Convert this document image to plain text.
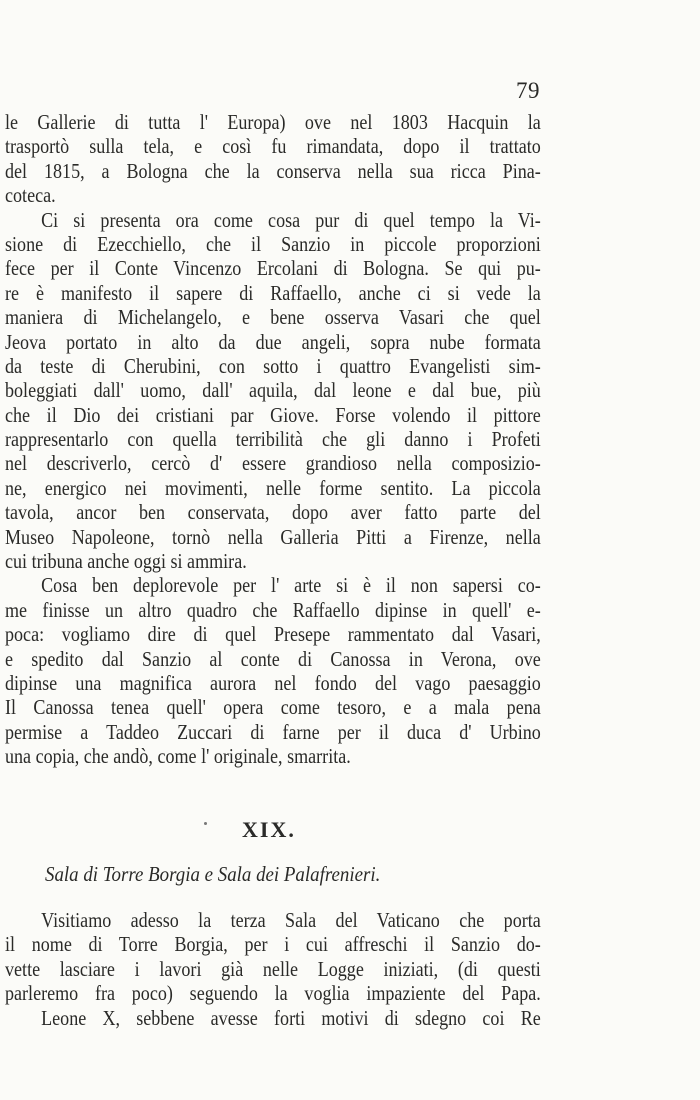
79
le Gallerie di tutta l' Europa) ove nel 1803 Hacquin la
trasportò sulla tela, e così fu rimandata, dopo il trattato
del 1815, a Bologna che la conserva nella sua ricca Pina-
coteca.
Ci si presenta ora come cosa pur di quel tempo la Vi-
sione di Ezecchiello, che il Sanzio in piccole proporzioni
fece per il Conte Vincenzo Ercolani di Bologna. Se qui pu-
re è manifesto il sapere di Raffaello, anche ci si vede la
maniera di Michelangelo, e bene osserva Vasari che quel
Jeova portato in alto da due angeli, sopra nube formata
da teste di Cherubini, con sotto i quattro Evangelisti sim-
boleggiati dall' uomo, dall' aquila, dal leone e dal bue, più
che il Dio dei cristiani par Giove. Forse volendo il pittore
rappresentarlo con quella terribilità che gli danno i Profeti
nel descriverlo, cercò d' essere grandioso nella composizio-
ne, energico nei movimenti, nelle forme sentito. La piccola
tavola, ancor ben conservata, dopo aver fatto parte del
Museo Napoleone, tornò nella Galleria Pitti a Firenze, nella
cui tribuna anche oggi si ammira.
Cosa ben deplorevole per l' arte si è il non sapersi co-
me finisse un altro quadro che Raffaello dipinse in quell' e-
poca: vogliamo dire di quel Presepe rammentato dal Vasari,
e spedito dal Sanzio al conte di Canossa in Verona, ove
dipinse una magnifica aurora nel fondo del vago paesaggio
Il Canossa tenea quell' opera come tesoro, e a mala pena
permise a Taddeo Zuccari di farne per il duca d' Urbino
una copia, che andò, come l' originale, smarrita.
XIX.
Sala di Torre Borgia e Sala dei Palafrenieri.
Visitiamo adesso la terza Sala del Vaticano che porta
il nome di Torre Borgia, per i cui affreschi il Sanzio do-
vette lasciare i lavori già nelle Logge iniziati, (di questi
parleremo fra poco) seguendo la voglia impaziente del Papa.
Leone X, sebbene avesse forti motivi di sdegno coi Re
